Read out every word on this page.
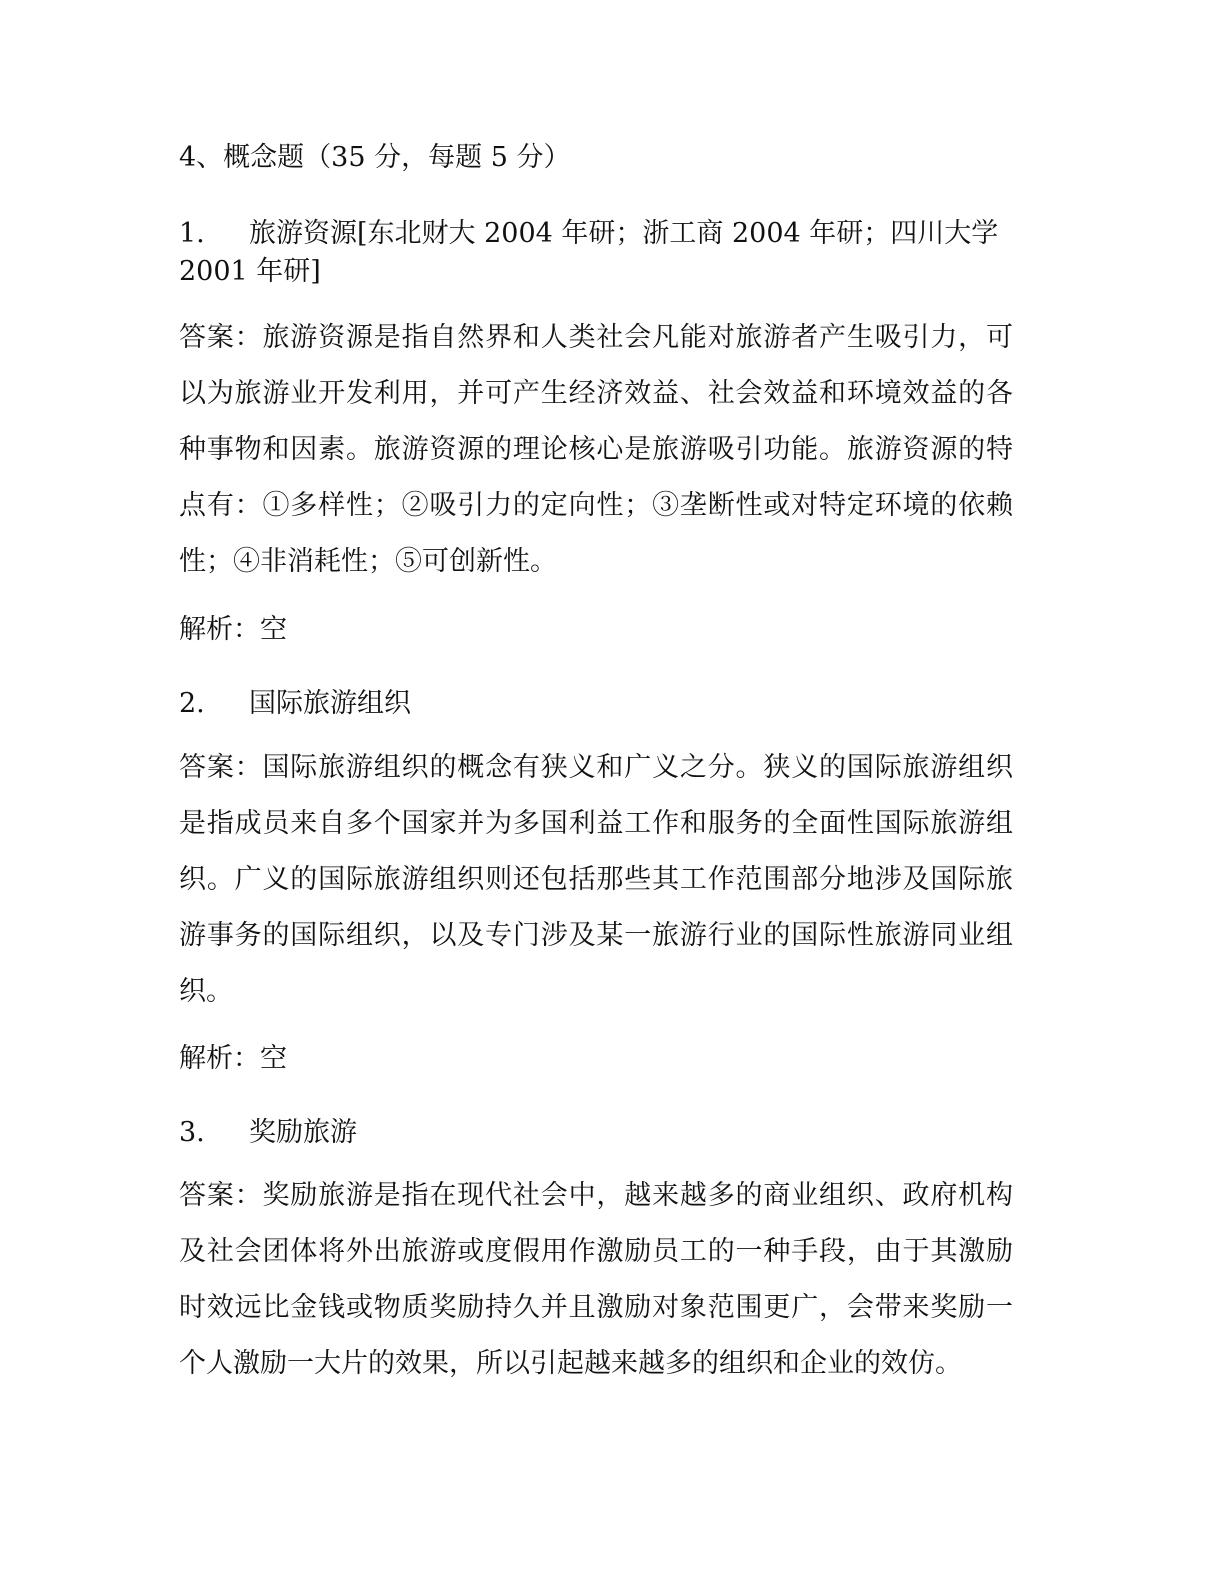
4、概念题（35 分，每题 5 分）
1. 旅游资源[东北财大 2004 年研；浙工商 2004 年研；四川大学 2001 年研]
答案：旅游资源是指自然界和人类社会凡能对旅游者产生吸引力，可以为旅游业开发利用，并可产生经济效益、社会效益和环境效益的各种事物和因素。旅游资源的理论核心是旅游吸引功能。旅游资源的特点有：①多样性；②吸引力的定向性；③垄断性或对特定环境的依赖性；④非消耗性；⑤可创新性。
解析：空
2. 国际旅游组织
答案：国际旅游组织的概念有狭义和广义之分。狭义的国际旅游组织是指成员来自多个国家并为多国利益工作和服务的全面性国际旅游组织。广义的国际旅游组织则还包括那些其工作范围部分地涉及国际旅游事务的国际组织，以及专门涉及某一旅游行业的国际性旅游同业组织。
解析：空
3. 奖励旅游
答案：奖励旅游是指在现代社会中，越来越多的商业组织、政府机构及社会团体将外出旅游或度假用作激励员工的一种手段，由于其激励时效远比金钱或物质奖励持久并且激励对象范围更广，会带来奖励一个人激励一大片的效果，所以引起越来越多的组织和企业的效仿。
